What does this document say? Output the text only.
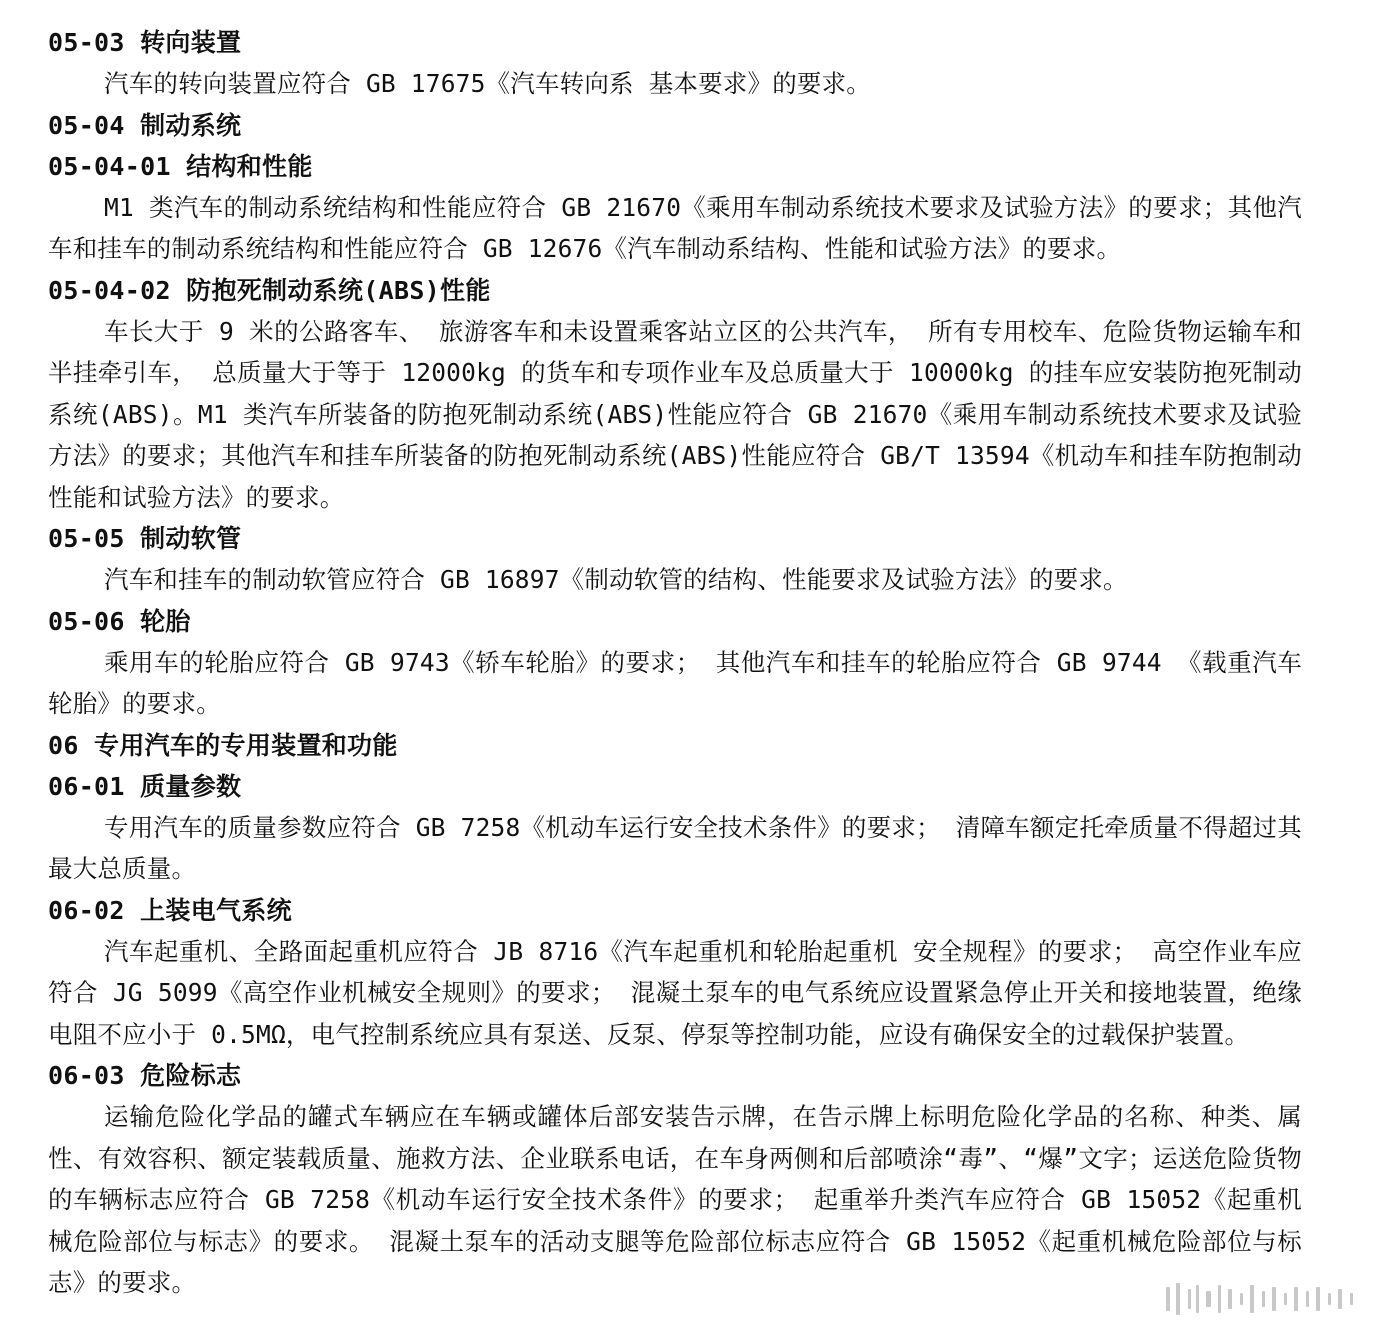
05-03 转向装置

汽车的转向装置应符合 GB 17675《汽车转向系 基本要求》的要求。

05-04 制动系统
05-04-01 结构和性能

M1 类汽车的制动系统结构和性能应符合 GB 21670《乘用车制动系统技术要求及试验方法》的要求；其他汽车和挂车的制动系统结构和性能应符合 GB 12676《汽车制动系结构、性能和试验方法》的要求。

05-04-02 防抱死制动系统(ABS)性能

车长大于 9 米的公路客车、 旅游客车和未设置乘客站立区的公共汽车， 所有专用校车、危险货物运输车和半挂牵引车， 总质量大于等于 12000kg 的货车和专项作业车及总质量大于 10000kg 的挂车应安装防抱死制动系统(ABS)。M1 类汽车所装备的防抱死制动系统(ABS)性能应符合 GB 21670《乘用车制动系统技术要求及试验方法》的要求；其他汽车和挂车所装备的防抱死制动系统(ABS)性能应符合 GB/T 13594《机动车和挂车防抱制动性能和试验方法》的要求。

05-05 制动软管

汽车和挂车的制动软管应符合 GB 16897《制动软管的结构、性能要求及试验方法》的要求。

05-06 轮胎

乘用车的轮胎应符合 GB 9743《轿车轮胎》的要求； 其他汽车和挂车的轮胎应符合 GB 9744 《载重汽车轮胎》的要求。

06 专用汽车的专用装置和功能
06-01 质量参数

专用汽车的质量参数应符合 GB 7258《机动车运行安全技术条件》的要求； 清障车额定托牵质量不得超过其最大总质量。

06-02 上装电气系统

汽车起重机、全路面起重机应符合 JB 8716《汽车起重机和轮胎起重机 安全规程》的要求； 高空作业车应符合 JG 5099《高空作业机械安全规则》的要求； 混凝土泵车的电气系统应设置紧急停止开关和接地装置，绝缘电阻不应小于 0.5MΩ，电气控制系统应具有泵送、反泵、停泵等控制功能，应设有确保安全的过载保护装置。

06-03 危险标志

运输危险化学品的罐式车辆应在车辆或罐体后部安装告示牌，在告示牌上标明危险化学品的名称、种类、属性、有效容积、额定装载质量、施救方法、企业联系电话，在车身两侧和后部喷涂“毒”、“爆”文字；运送危险货物的车辆标志应符合 GB 7258《机动车运行安全技术条件》的要求； 起重举升类汽车应符合 GB 15052《起重机械危险部位与标志》的要求。 混凝土泵车的活动支腿等危险部位标志应符合 GB 15052《起重机械危险部位与标志》的要求。
